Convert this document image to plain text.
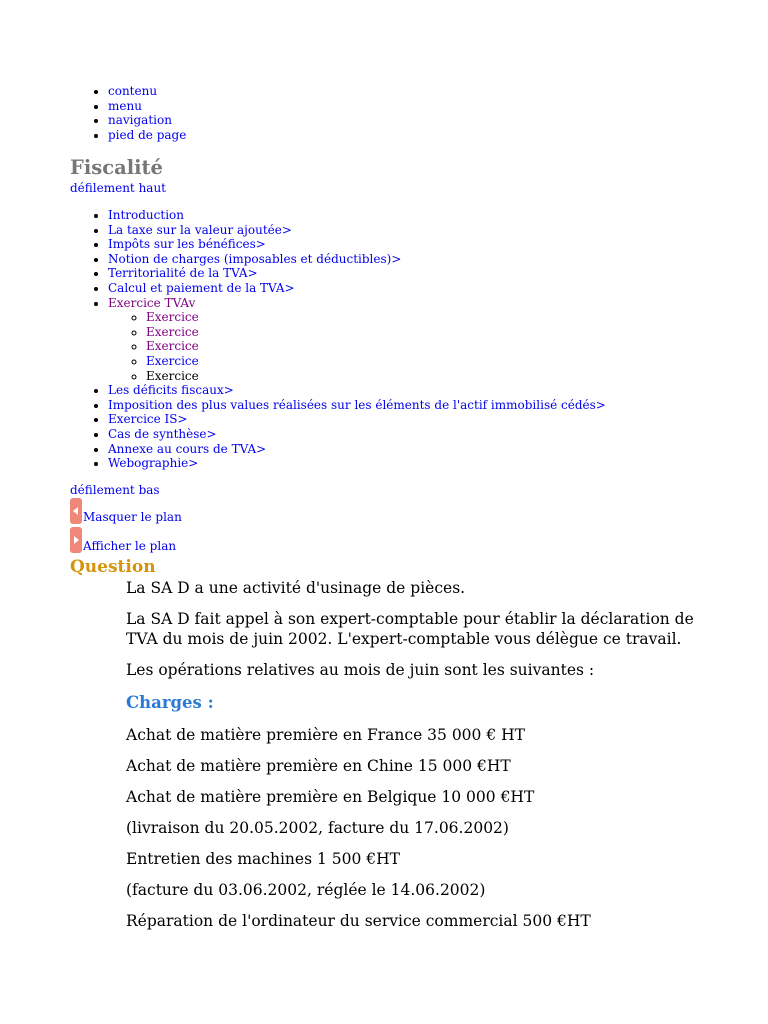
• contenu
• menu
• navigation
• pied de page
Fiscalité
défilement haut
• Introduction
• La taxe sur la valeur ajoutée>
• Impôts sur les bénéfices>
• Notion de charges (imposables et déductibles)>
• Territorialité de la TVA>
• Calcul et paiement de la TVA>
• Exercice TVAv
◦ Exercice
◦ Exercice
◦ Exercice
◦ Exercice
◦ Exercice
• Les déficits fiscaux>
• Imposition des plus values réalisées sur les éléments de l'actif immobilisé cédés>
• Exercice IS>
• Cas de synthèse>
• Annexe au cours de TVA>
• Webographie>
défilement bas
Masquer le plan
Afficher le plan
Question

La SA D a une activité d'usinage de pièces.

La SA D fait appel à son expert-comptable pour établir la déclaration de TVA du mois de juin 2002. L'expert-comptable vous délègue ce travail.

Les opérations relatives au mois de juin sont les suivantes :

Charges :

Achat de matière première en France 35 000 € HT

Achat de matière première en Chine 15 000 €HT

Achat de matière première en Belgique 10 000 €HT

(livraison du 20.05.2002, facture du 17.06.2002)

Entretien des machines 1 500 €HT

(facture du 03.06.2002, réglée le 14.06.2002)

Réparation de l'ordinateur du service commercial 500 €HT
